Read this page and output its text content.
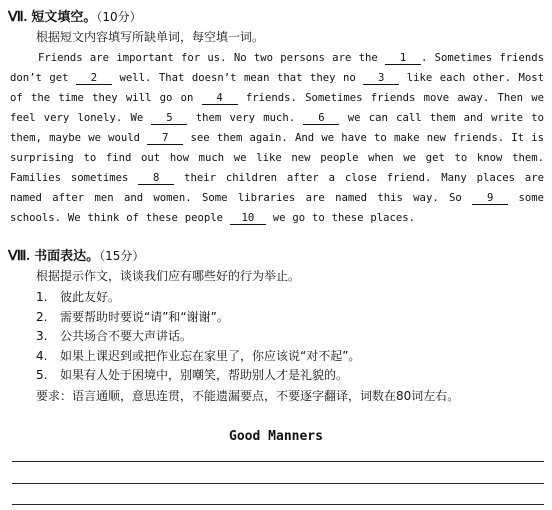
Ⅶ. 短文填空。（10分）
根据短文内容填写所缺单词，每空填一词。
Friends are important for us. No two persons are the 1 . Sometimes friends don’t get 2 well. That doesn’t mean that they no 3 like each other. Most of the time they will go on 4 friends. Sometimes friends move away. Then we feel very lonely. We 5 them very much. 6 we can call them and write to them, maybe we would 7 see them again. And we have to make new friends. It is surprising to find out how much we like new people when we get to know them. Families sometimes 8 their children after a close friend. Many places are named after men and women. Some libraries are named this way. So 9 some schools. We think of these people 10 we go to these places.
Ⅷ. 书面表达。（15分）
根据提示作文，谈谈我们应有哪些好的行为举止。
1. 彼此友好。
2. 需要帮助时要说“请”和“谢谢”。
3. 公共场合不要大声讲话。
4. 如果上课迟到或把作业忘在家里了，你应该说“对不起”。
5. 如果有人处于困境中，别嘲笑，帮助别人才是礼貌的。
要求：语言通顺，意思连贯，不能遗漏要点，不要逐字翻译，词数在80词左右。
Good Manners
